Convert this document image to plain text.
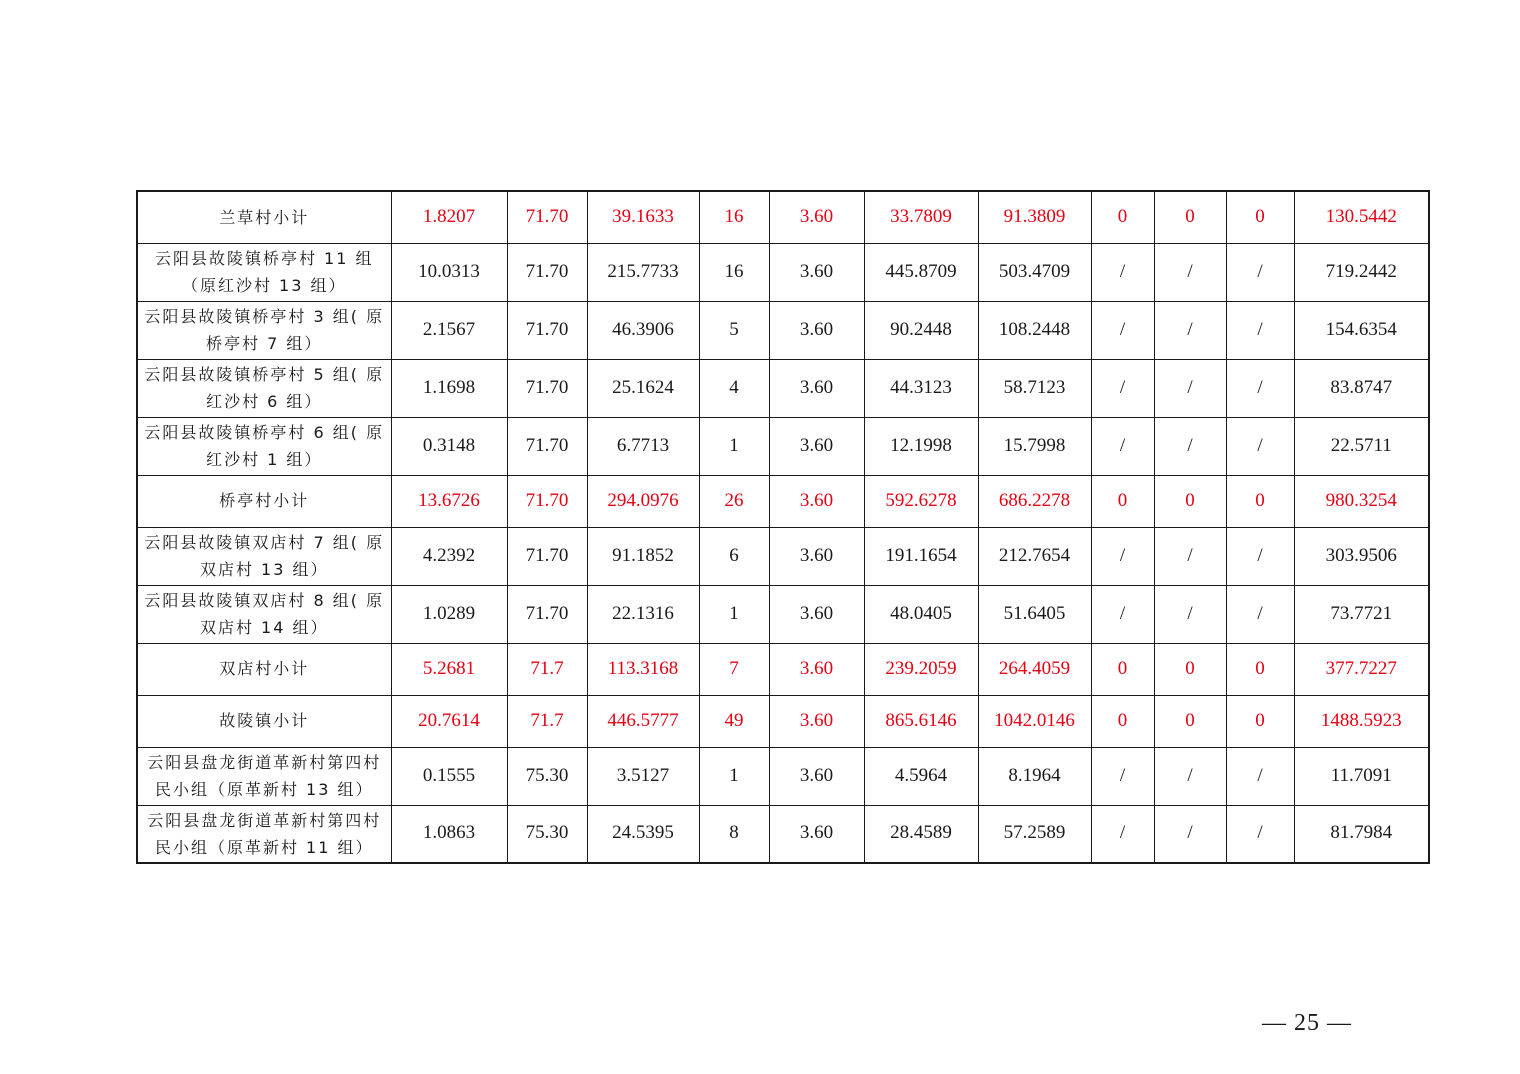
兰草村小计	1.8207	71.70	39.1633	16	3.60	33.7809	91.3809	0	0	0	130.5442
云阳县故陵镇桥亭村 11 组（原红沙村 13 组）	10.0313	71.70	215.7733	16	3.60	445.8709	503.4709	/	/	/	719.2442
云阳县故陵镇桥亭村 3 组( 原桥亭村 7 组）	2.1567	71.70	46.3906	5	3.60	90.2448	108.2448	/	/	/	154.6354
云阳县故陵镇桥亭村 5 组( 原红沙村 6 组）	1.1698	71.70	25.1624	4	3.60	44.3123	58.7123	/	/	/	83.8747
云阳县故陵镇桥亭村 6 组( 原红沙村 1 组）	0.3148	71.70	6.7713	1	3.60	12.1998	15.7998	/	/	/	22.5711
桥亭村小计	13.6726	71.70	294.0976	26	3.60	592.6278	686.2278	0	0	0	980.3254
云阳县故陵镇双店村 7 组( 原双店村 13 组）	4.2392	71.70	91.1852	6	3.60	191.1654	212.7654	/	/	/	303.9506
云阳县故陵镇双店村 8 组( 原双店村 14 组）	1.0289	71.70	22.1316	1	3.60	48.0405	51.6405	/	/	/	73.7721
双店村小计	5.2681	71.7	113.3168	7	3.60	239.2059	264.4059	0	0	0	377.7227
故陵镇小计	20.7614	71.7	446.5777	49	3.60	865.6146	1042.0146	0	0	0	1488.5923
云阳县盘龙街道革新村第四村民小组（原革新村 13 组）	0.1555	75.30	3.5127	1	3.60	4.5964	8.1964	/	/	/	11.7091
云阳县盘龙街道革新村第四村民小组（原革新村 11 组）	1.0863	75.30	24.5395	8	3.60	28.4589	57.2589	/	/	/	81.7984
— 25 —
